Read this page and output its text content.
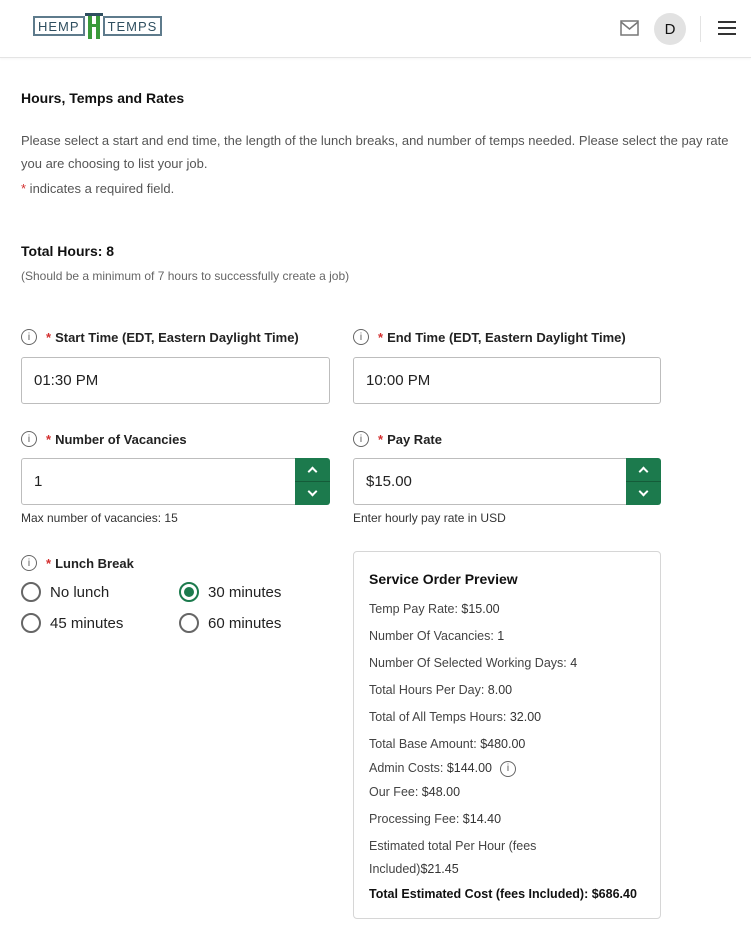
HEMP	TEMPS	D
Hours, Temps and Rates
Please select a start and end time, the length of the lunch breaks, and number of temps needed. Please select the pay rate you are choosing to list your job.
* indicates a required field.
Total Hours: 8
(Should be a minimum of 7 hours to successfully create a job)
i	* Start Time (EDT, Eastern Daylight Time)
01:30 PM
i	* End Time (EDT, Eastern Daylight Time)
10:00 PM
i	* Number of Vacancies
1
Max number of vacancies: 15
i	* Pay Rate
$15.00
Enter hourly pay rate in USD
i	* Lunch Break
No lunch	30 minutes
45 minutes	60 minutes
Service Order Preview
Temp Pay Rate: $15.00
Number Of Vacancies: 1
Number Of Selected Working Days: 4
Total Hours Per Day: 8.00
Total of All Temps Hours: 32.00
Total Base Amount: $480.00
Admin Costs: $144.00 i
Our Fee: $48.00
Processing Fee: $14.40
Estimated total Per Hour (fees Included)$21.45
Total Estimated Cost (fees Included): $686.40
